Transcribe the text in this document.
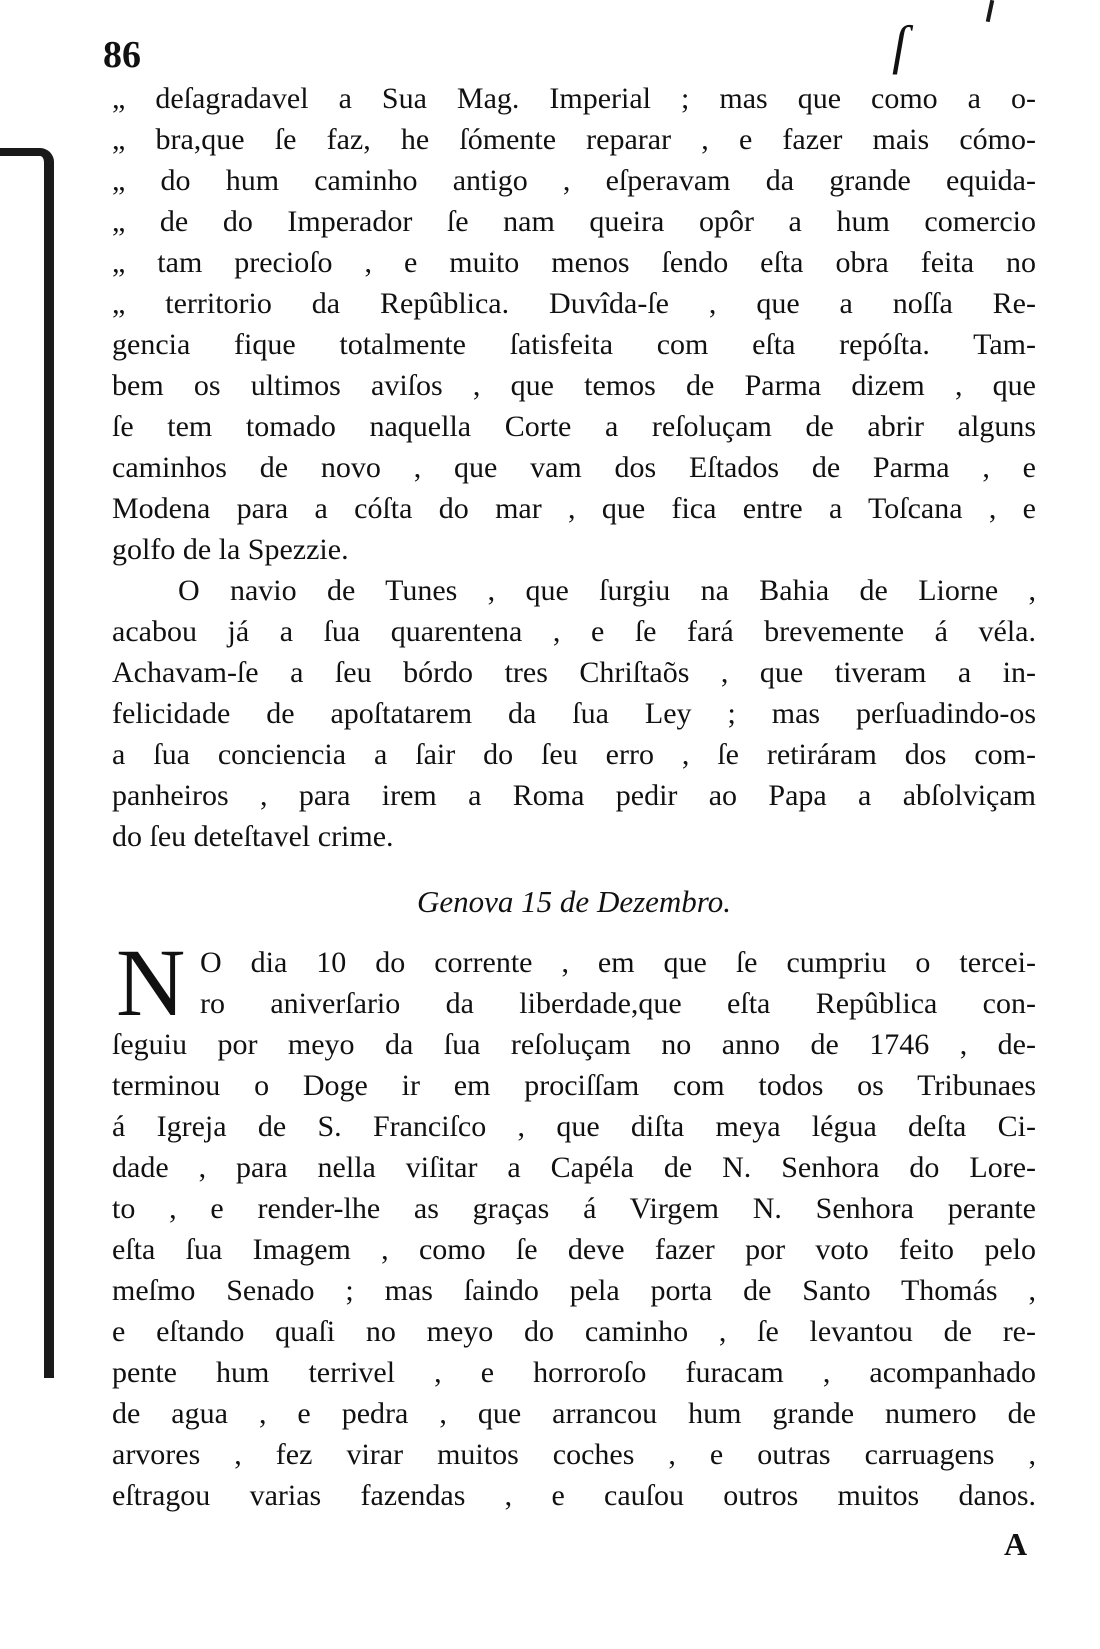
86	ſ
„ deſagradavel a Sua Mag. Imperial ; mas que como a o-
„ bra,que ſe faz, he ſómente reparar , e fazer mais cómo-
„ do hum caminho antigo , eſperavam da grande equida-
„ de do Imperador ſe nam queira opôr a hum comercio
„ tam precioſo , e muito menos ſendo eſta obra feita no
„ territorio da Repûblica. Duvîda-ſe , que a noſſa Re-
gencia fique totalmente ſatisfeita com eſta repóſta. Tam-
bem os ultimos aviſos , que temos de Parma dizem , que
ſe tem tomado naquella Corte a reſoluçam de abrir alguns
caminhos de novo , que vam dos Eſtados de Parma , e
Modena para a cóſta do mar , que fica entre a Toſcana , e
golfo de la Spezzie.
O navio de Tunes , que ſurgiu na Bahia de Liorne ,
acabou já a ſua quarentena , e ſe fará brevemente á véla.
Achavam-ſe a ſeu bórdo tres Chriſtaõs , que tiveram a in-
felicidade de apoſtatarem da ſua Ley ; mas perſuadindo-os
a ſua conciencia a ſair do ſeu erro , ſe retiráram dos com-
panheiros , para irem a Roma pedir ao Papa a abſolviçam
do ſeu deteſtavel crime.
Genova 15 de Dezembro.
N O dia 10 do corrente , em que ſe cumpriu o tercei-
ro aniverſario da liberdade,que eſta Repûblica con-
ſeguiu por meyo da ſua reſoluçam no anno de 1746 , de-
terminou o Doge ir em prociſſam com todos os Tribunaes
á Igreja de S. Franciſco , que diſta meya légua deſta Ci-
dade , para nella viſitar a Capéla de N. Senhora do Lore-
to , e render-lhe as graças á Virgem N. Senhora perante
eſta ſua Imagem , como ſe deve fazer por voto feito pelo
meſmo Senado ; mas ſaindo pela porta de Santo Thomás ,
e eſtando quaſi no meyo do caminho , ſe levantou de re-
pente hum terrivel , e horroroſo furacam , acompanhado
de agua , e pedra , que arrancou hum grande numero de
arvores , fez virar muitos coches , e outras carruagens ,
eſtragou varias fazendas , e cauſou outros muitos danos.
A
